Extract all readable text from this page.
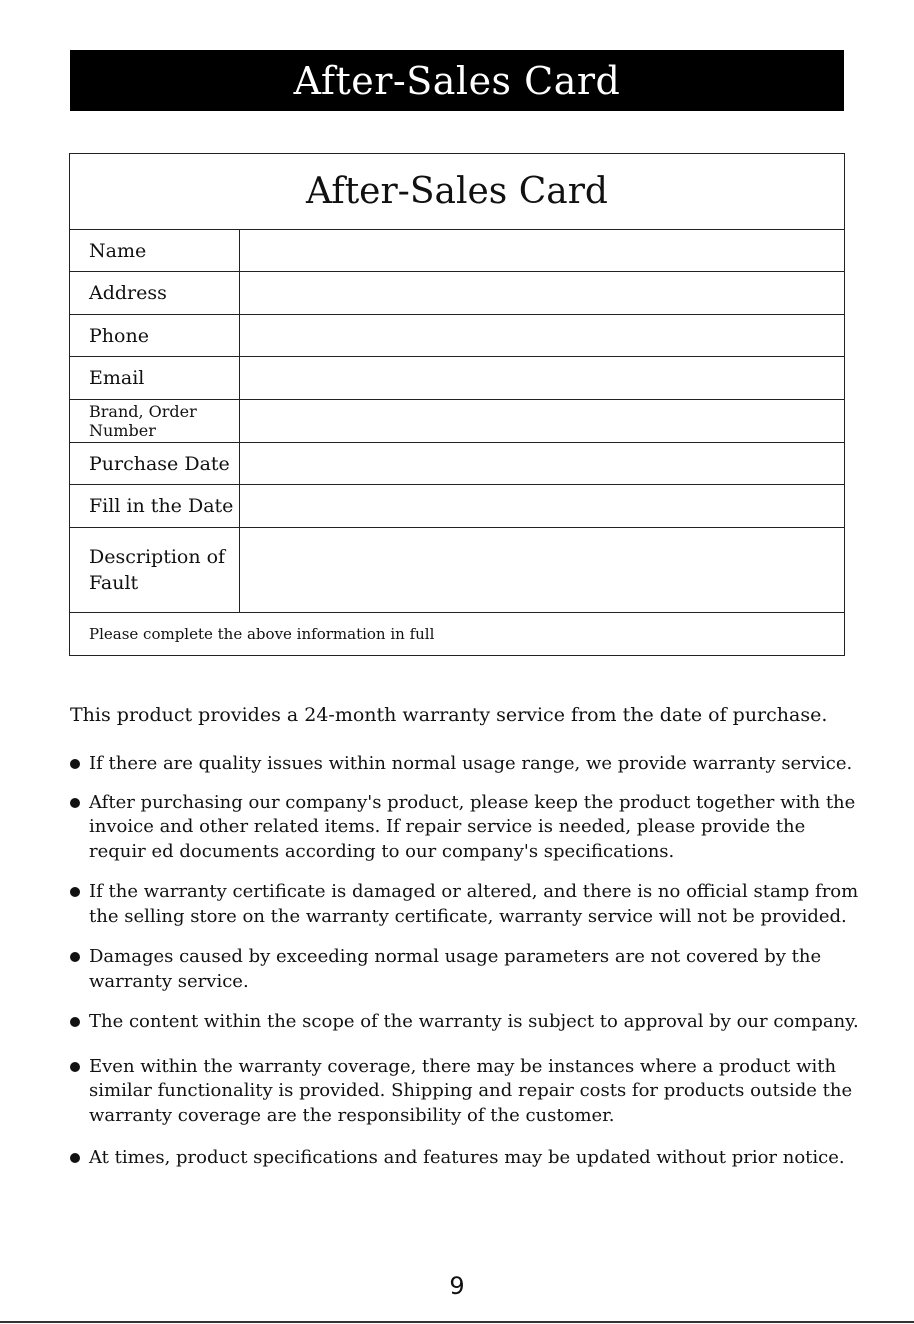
After-Sales Card
After-Sales Card
Name
Address
Phone
Email
Brand, Order Number
Purchase Date
Fill in the Date
Description of Fault
Please complete the above information in full
This product provides a 24-month warranty service from the date of purchase.
If there are quality issues within normal usage range, we provide warranty service.
After purchasing our company's product, please keep the product together with the invoice and other related items. If repair service is needed, please provide the requir ed documents according to our company's specifications.
If the warranty certificate is damaged or altered, and there is no official stamp from the selling store on the warranty certificate, warranty service will not be provided.
Damages caused by exceeding normal usage parameters are not covered by the warranty service.
The content within the scope of the warranty is subject to approval by our company.
Even within the warranty coverage, there may be instances where a product with similar functionality is provided. Shipping and repair costs for products outside the warranty coverage are the responsibility of the customer.
At times, product specifications and features may be updated without prior notice.
9
